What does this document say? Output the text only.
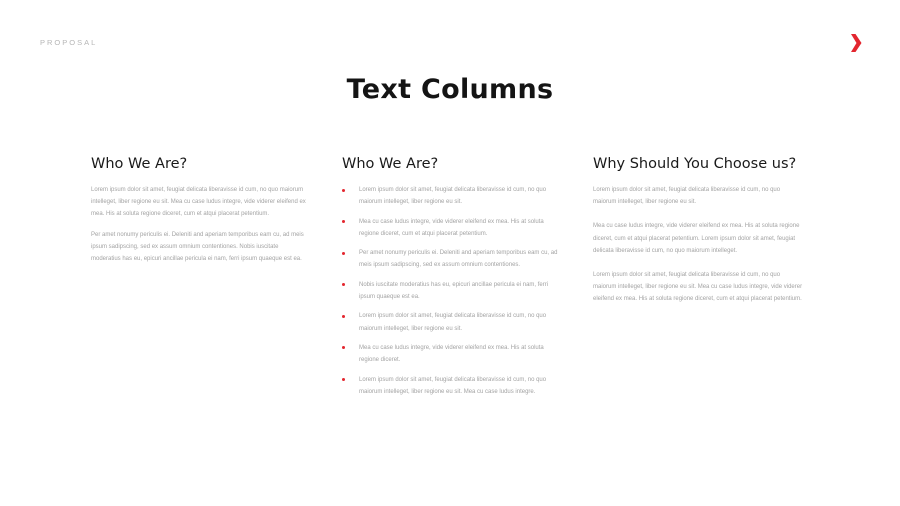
PROPOSAL
Text Columns
Who We Are?

Lorem ipsum dolor sit amet, feugiat delicata liberavisse id cum, no quo maiorum intelleget, liber regione eu sit. Mea cu case ludus integre, vide viderer eleifend ex mea. His at soluta regione diceret, cum et atqui placerat petentium.

Per amet nonumy periculis ei. Deleniti and aperiam temporibus eam cu, ad meis ipsum sadipscing, sed ex assum omnium contentiones. Nobis iuscitate moderatius has eu, epicuri ancillae pericula ei nam, ferri ipsum quaeque est ea.

Who We Are?
Lorem ipsum dolor sit amet, feugiat delicata liberavisse id cum, no quo maiorum intelleget, liber regione eu sit.
Mea cu case ludus integre, vide viderer eleifend ex mea. His at soluta regione diceret, cum et atqui placerat petentium.
Per amet nonumy periculis ei. Deleniti and aperiam temporibus eam cu, ad meis ipsum sadipscing, sed ex assum omnium contentiones.
Nobis iuscitate moderatius has eu, epicuri ancillae pericula ei nam, ferri ipsum quaeque est ea.
Lorem ipsum dolor sit amet, feugiat delicata liberavisse id cum, no quo maiorum intelleget, liber regione eu sit.
Mea cu case ludus integre, vide viderer eleifend ex mea. His at soluta regione diceret.
Lorem ipsum dolor sit amet, feugiat delicata liberavisse id cum, no quo maiorum intelleget, liber regione eu sit. Mea cu case ludus integre.
Why Should You Choose us?

Lorem ipsum dolor sit amet, feugiat delicata liberavisse id cum, no quo maiorum intelleget, liber regione eu sit.

Mea cu case ludus integre, vide viderer eleifend ex mea. His at soluta regione diceret, cum et atqui placerat petentium. Lorem ipsum dolor sit amet, feugiat delicata liberavisse id cum, no quo maiorum intelleget.

Lorem ipsum dolor sit amet, feugiat delicata liberavisse id cum, no quo maiorum intelleget, liber regione eu sit. Mea cu case ludus integre, vide viderer eleifend ex mea. His at soluta regione diceret, cum et atqui placerat petentium.
